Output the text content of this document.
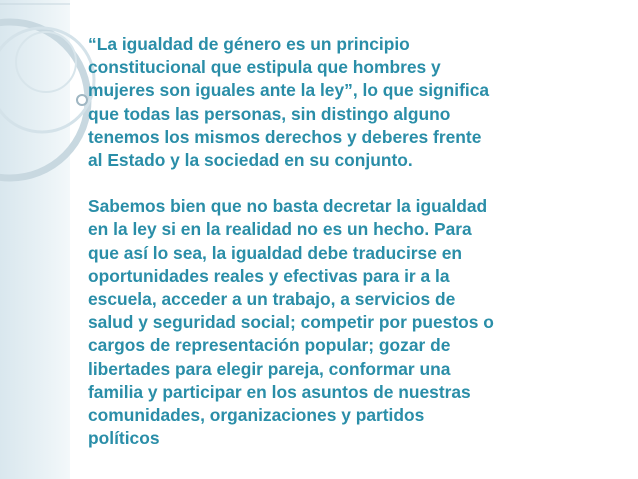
“La igualdad de género es un principio
constitucional que estipula que hombres y
mujeres son iguales ante la ley”, lo que significa
que todas las personas, sin distingo alguno
tenemos los mismos derechos y deberes frente
al Estado y la sociedad en su conjunto.

Sabemos bien que no basta decretar la igualdad
en la ley si en la realidad no es un hecho. Para
que así lo sea, la igualdad debe traducirse en
oportunidades reales y efectivas para ir a la
escuela, acceder a un trabajo, a servicios de
salud y seguridad social; competir por puestos o
cargos de representación popular; gozar de
libertades para elegir pareja, conformar una
familia y participar en los asuntos de nuestras
comunidades, organizaciones y partidos
políticos
